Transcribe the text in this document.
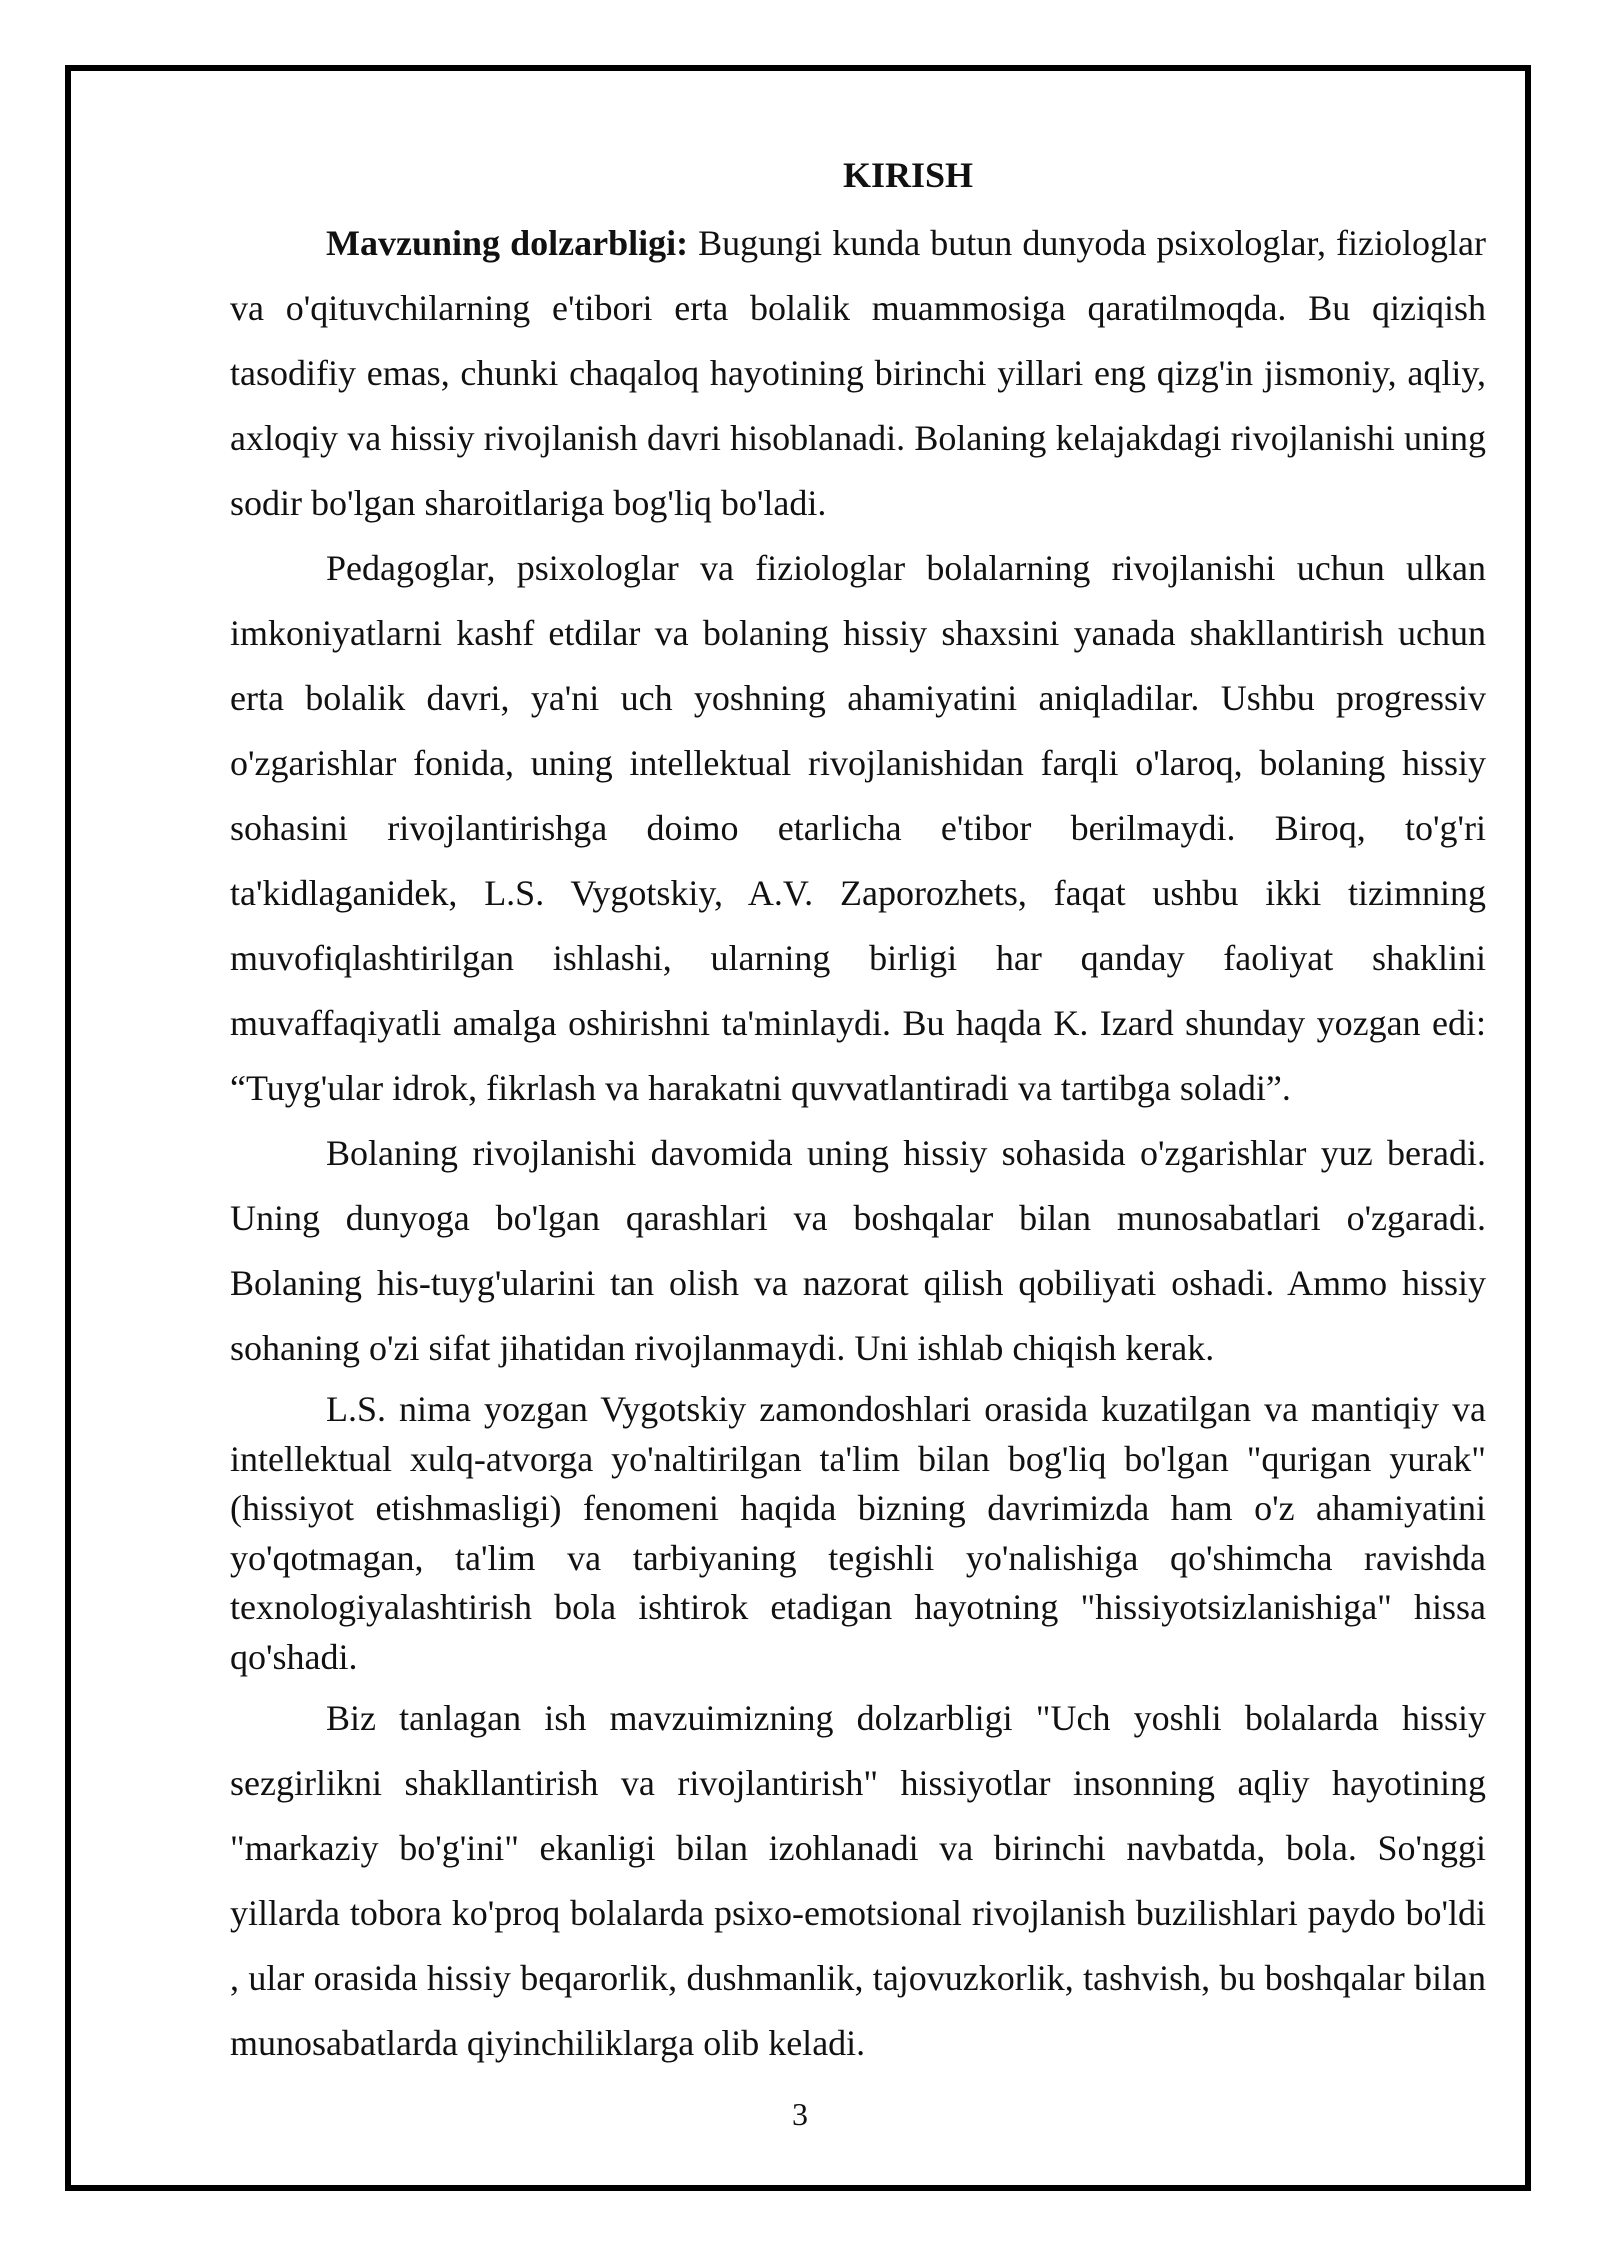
KIRISH

Mavzuning dolzarbligi: Bugungi kunda butun dunyoda psixologlar, fiziologlar va o'qituvchilarning e'tibori erta bolalik muammosiga qaratilmoqda. Bu qiziqish tasodifiy emas, chunki chaqaloq hayotining birinchi yillari eng qizg'in jismoniy, aqliy, axloqiy va hissiy rivojlanish davri hisoblanadi. Bolaning kelajakdagi rivojlanishi uning sodir bo'lgan sharoitlariga bog'liq bo'ladi.

Pedagoglar, psixologlar va fiziologlar bolalarning rivojlanishi uchun ulkan imkoniyatlarni kashf etdilar va bolaning hissiy shaxsini yanada shakllantirish uchun erta bolalik davri, ya'ni uch yoshning ahamiyatini aniqladilar. Ushbu progressiv o'zgarishlar fonida, uning intellektual rivojlanishidan farqli o'laroq, bolaning hissiy sohasini rivojlantirishga doimo etarlicha e'tibor berilmaydi. Biroq, to'g'ri ta'kidlaganidek, L.S. Vygotskiy, A.V. Zaporozhets, faqat ushbu ikki tizimning muvofiqlashtirilgan ishlashi, ularning birligi har qanday faoliyat shaklini muvaffaqiyatli amalga oshirishni ta'minlaydi. Bu haqda K. Izard shunday yozgan edi: “Tuyg'ular idrok, fikrlash va harakatni quvvatlantiradi va tartibga soladi”.

Bolaning rivojlanishi davomida uning hissiy sohasida o'zgarishlar yuz beradi. Uning dunyoga bo'lgan qarashlari va boshqalar bilan munosabatlari o'zgaradi. Bolaning his-tuyg'ularini tan olish va nazorat qilish qobiliyati oshadi. Ammo hissiy sohaning o'zi sifat jihatidan rivojlanmaydi. Uni ishlab chiqish kerak.

L.S. nima yozgan Vygotskiy zamondoshlari orasida kuzatilgan va mantiqiy va intellektual xulq-atvorga yo'naltirilgan ta'lim bilan bog'liq bo'lgan "qurigan yurak" (hissiyot etishmasligi) fenomeni haqida bizning davrimizda ham o'z ahamiyatini yo'qotmagan, ta'lim va tarbiyaning tegishli yo'nalishiga qo'shimcha ravishda texnologiyalashtirish bola ishtirok etadigan hayotning "hissiyotsizlanishiga" hissa qo'shadi.

Biz tanlagan ish mavzuimizning dolzarbligi "Uch yoshli bolalarda hissiy sezgirlikni shakllantirish va rivojlantirish" hissiyotlar insonning aqliy hayotining "markaziy bo'g'ini" ekanligi bilan izohlanadi va birinchi navbatda, bola. So'nggi yillarda tobora ko'proq bolalarda psixo-emotsional rivojlanish buzilishlari paydo bo'ldi , ular orasida hissiy beqarorlik, dushmanlik, tajovuzkorlik, tashvish, bu boshqalar bilan munosabatlarda qiyinchiliklarga olib keladi.

3
